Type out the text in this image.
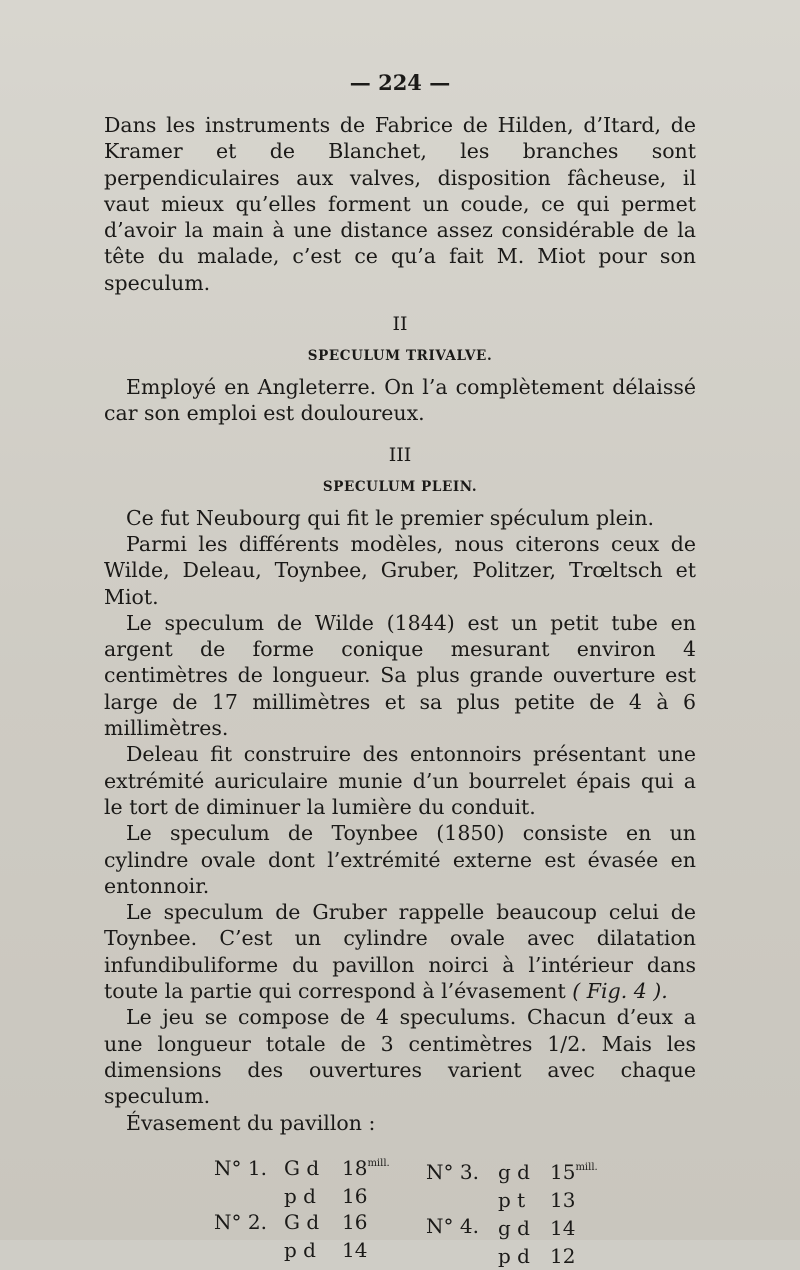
— 224 —

Dans les instruments de Fabrice de Hilden, d’Itard, de Kramer et de Blanchet, les branches sont perpendiculaires aux valves, disposition fâcheuse, il vaut mieux qu’elles forment un coude, ce qui permet d’avoir la main à une distance assez considérable de la tête du malade, c’est ce qu’a fait M. Miot pour son speculum.

II
SPECULUM TRIVALVE.

Employé en Angleterre. On l’a complètement délaissé car son emploi est douloureux.

III
SPECULUM PLEIN.

Ce fut Neubourg qui fit le premier spéculum plein.

Parmi les différents modèles, nous citerons ceux de Wilde, Deleau, Toynbee, Gruber, Politzer, Trœltsch et Miot.

Le speculum de Wilde (1844) est un petit tube en argent de forme conique mesurant environ 4 centimètres de longueur. Sa plus grande ouverture est large de 17 millimètres et sa plus petite de 4 à 6 millimètres.

Deleau fit construire des entonnoirs présentant une extrémité auriculaire munie d’un bourrelet épais qui a le tort de diminuer la lumière du conduit.

Le speculum de Toynbee (1850) consiste en un cylindre ovale dont l’extrémité externe est évasée en entonnoir.

Le speculum de Gruber rappelle beaucoup celui de Toynbee. C’est un cylindre ovale avec dilatation infundibuliforme du pavillon noirci à l’intérieur dans toute la partie qui correspond à l’évasement ( Fig. 4 ).

Le jeu se compose de 4 speculums. Chacun d’eux a une longueur totale de 3 centimètres 1/2. Mais les dimensions des ouvertures varient avec chaque speculum.

Évasement du pavillon :

N° 1. G d $18^{mill.}$
p d 16
N° 2. G d 16
p d 14
N° 3. g d $15^{mill.}$
p t 13
N° 4. g d 14
p d 12
